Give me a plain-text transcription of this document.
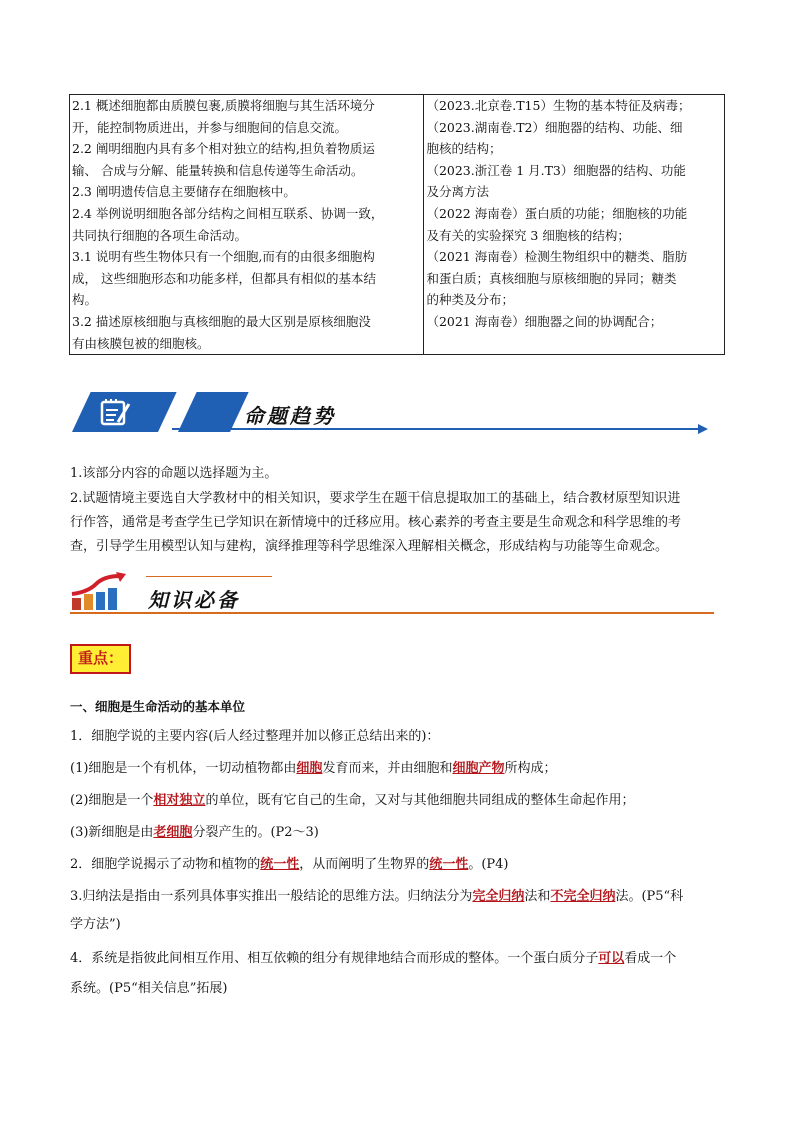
2.1 概述细胞都由质膜包裹,质膜将细胞与其生活环境分
开，能控制物质进出，并参与细胞间的信息交流。
2.2 阐明细胞内具有多个相对独立的结构,担负着物质运
输、 合成与分解、能量转换和信息传递等生命活动。
2.3 阐明遗传信息主要储存在细胞核中。
2.4 举例说明细胞各部分结构之间相互联系、协调一致，
共同执行细胞的各项生命活动。
3.1 说明有些生物体只有一个细胞,而有的由很多细胞构
成， 这些细胞形态和功能多样，但都具有相似的基本结
构。
3.2 描述原核细胞与真核细胞的最大区别是原核细胞没
有由核膜包被的细胞核。

（2023.北京卷.T15）生物的基本特征及病毒；
（2023.湖南卷.T2）细胞器的结构、功能、细
胞核的结构；
（2023.浙江卷 1 月.T3）细胞器的结构、功能
及分离方法
（2022 海南卷）蛋白质的功能；细胞核的功能
及有关的实验探究 3 细胞核的结构；
（2021 海南卷）检测生物组织中的糖类、脂肪
和蛋白质；真核细胞与原核细胞的异同；糖类
的种类及分布；
（2021 海南卷）细胞器之间的协调配合；
命题趋势
1.该部分内容的命题以选择题为主。
2.试题情境主要选自大学教材中的相关知识，要求学生在题干信息提取加工的基础上，结合教材原型知识进
行作答，通常是考查学生已学知识在新情境中的迁移应用。核心素养的考查主要是生命观念和科学思维的考
查，引导学生用模型认知与建构，演绎推理等科学思维深入理解相关概念，形成结构与功能等生命观念。
知识必备
重点：
一、细胞是生命活动的基本单位
1．细胞学说的主要内容(后人经过整理并加以修正总结出来的)：
(1)细胞是一个有机体，一切动植物都由细胞发育而来，并由细胞和细胞产物所构成；
(2)细胞是一个相对独立的单位，既有它自己的生命，又对与其他细胞共同组成的整体生命起作用；
(3)新细胞是由老细胞分裂产生的。(P2～3)
2．细胞学说揭示了动物和植物的统一性，从而阐明了生物界的统一性。(P4)
3.归纳法是指由一系列具体事实推出一般结论的思维方法。归纳法分为完全归纳法和不完全归纳法。(P5“科
学方法”)
4．系统是指彼此间相互作用、相互依赖的组分有规律地结合而形成的整体。一个蛋白质分子可以看成一个
系统。(P5“相关信息”拓展)
